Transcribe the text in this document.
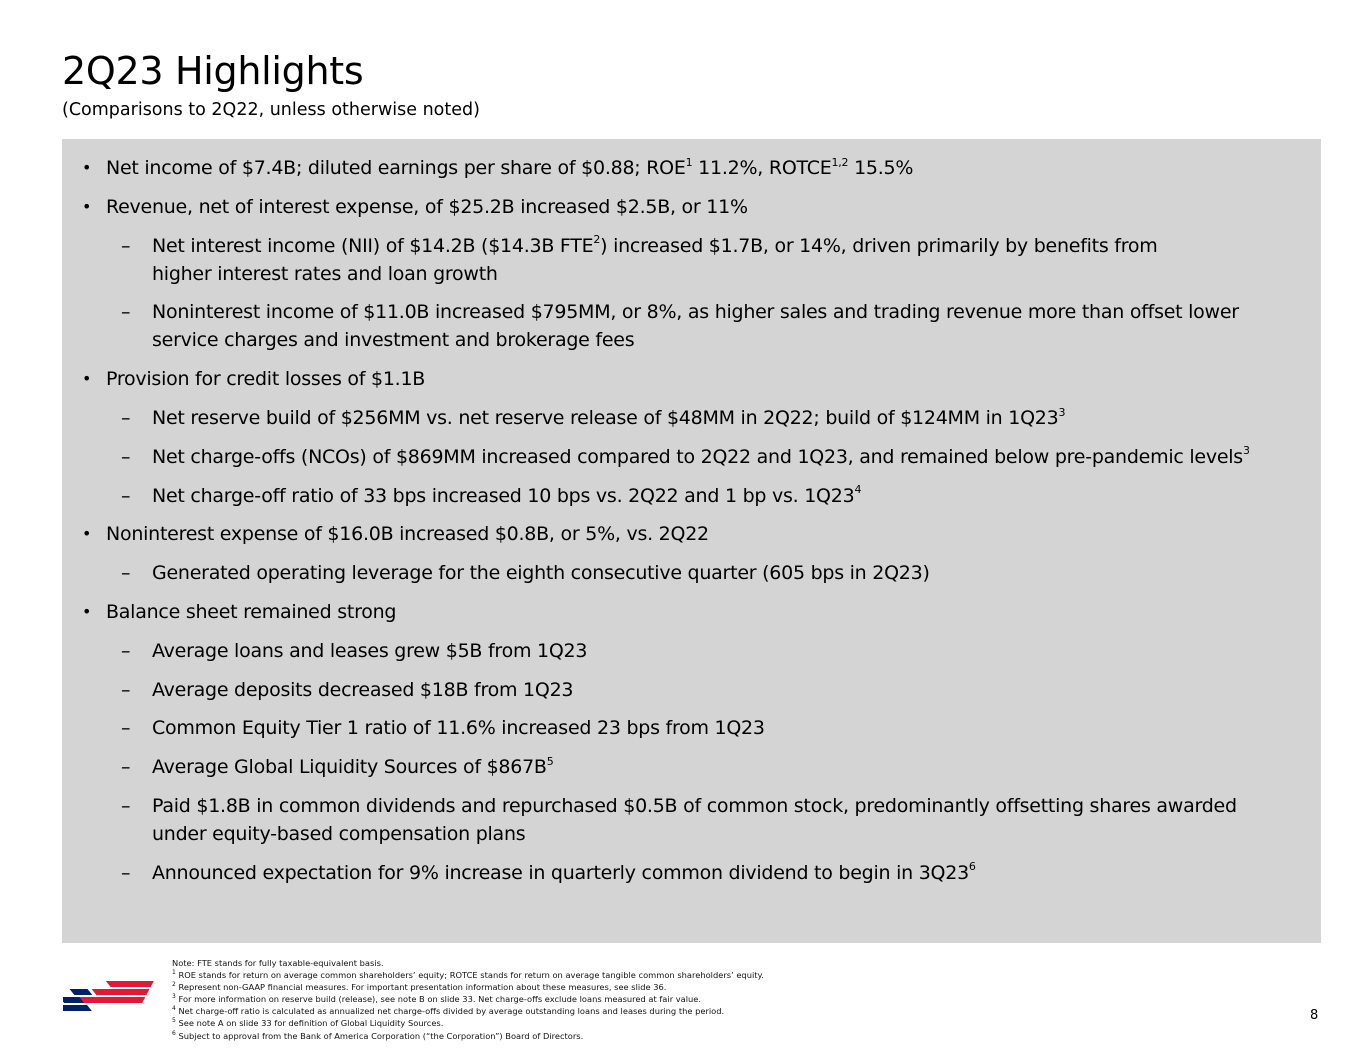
2Q23 Highlights
(Comparisons to 2Q22, unless otherwise noted)
• Net income of $7.4B; diluted earnings per share of $0.88; ROE$^1$ 11.2%, ROTCE$^{1,2}$ 15.5%
• Revenue, net of interest expense, of $25.2B increased $2.5B, or 11%
– Net interest income (NII) of $14.2B ($14.3B FTE$^2$) increased $1.7B, or 14%, driven primarily by benefits from
higher interest rates and loan growth
– Noninterest income of $11.0B increased $795MM, or 8%, as higher sales and trading revenue more than offset lower service charges and investment and brokerage fees
• Provision for credit losses of $1.1B
– Net reserve build of $256MM vs. net reserve release of $48MM in 2Q22; build of $124MM in $1Q23^3$
– Net charge-offs (NCOs) of $869MM increased compared to 2Q22 and 1Q23, and remained below pre-pandemic levels$^3$
– Net charge-off ratio of 33 bps increased 10 bps vs. 2Q22 and 1 bp vs. $1Q23^4$
• Noninterest expense of $16.0B increased $0.8B, or 5%, vs. 2Q22
– Generated operating leverage for the eighth consecutive quarter (605 bps in 2Q23)
• Balance sheet remained strong
– Average loans and leases grew $5B from 1Q23
– Average deposits decreased $18B from 1Q23
– Common Equity Tier 1 ratio of 11.6% increased 23 bps from 1Q23
– Average Global Liquidity Sources of $\$867B^5$
– Paid $1.8B in common dividends and repurchased $0.5B of common stock, predominantly offsetting shares awarded under equity-based compensation plans
– Announced expectation for 9% increase in quarterly common dividend to begin in $3Q23^6$
Note: FTE stands for fully taxable-equivalent basis.
$^1$ ROE stands for return on average common shareholders’ equity; ROTCE stands for return on average tangible common shareholders’ equity.
$^2$ Represent non-GAAP financial measures. For important presentation information about these measures, see slide 36.
$^3$ For more information on reserve build (release), see note B on slide 33. Net charge-offs exclude loans measured at fair value.
$^4$ Net charge-off ratio is calculated as annualized net charge-offs divided by average outstanding loans and leases during the period.
$^5$ See note A on slide 33 for definition of Global Liquidity Sources.
$^6$ Subject to approval from the Bank of America Corporation (“the Corporation”) Board of Directors.
8
